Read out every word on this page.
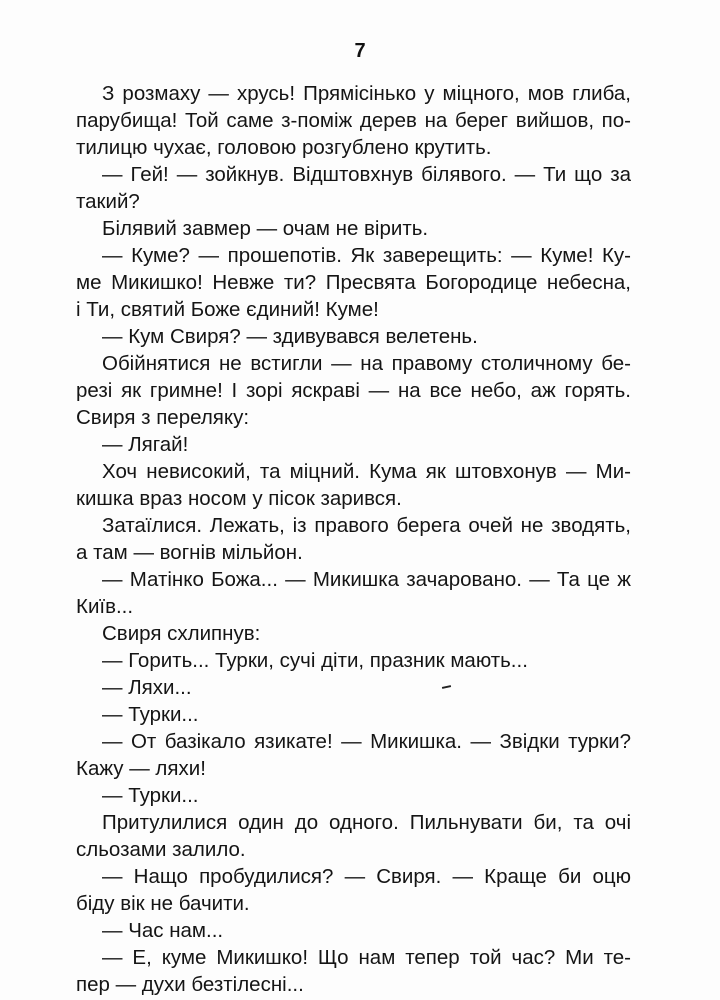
7
З розмаху — хрусь! Прямісінько у міцного, мов глиба,
парубища! Той саме з-поміж дерев на берег вийшов, по-
тилицю чухає, головою розгублено крутить.
— Гей! — зойкнув. Відштовхнув білявого. — Ти що за
такий?
Білявий завмер — очам не вірить.
— Куме? — прошепотів. Як заверещить: — Куме! Ку-
ме Микишко! Невже ти? Пресвята Богородице небесна,
і Ти, святий Боже єдиний! Куме!
— Кум Свиря? — здивувався велетень.
Обійнятися не встигли — на правому столичному бе-
резі як гримне! І зорі яскраві — на все небо, аж горять.
Свиря з переляку:
— Лягай!
Хоч невисокий, та міцний. Кума як штовхонув — Ми-
кишка враз носом у пісок зарився.
Затаїлися. Лежать, із правого берега очей не зводять,
а там — вогнів мільйон.
— Матінко Божа... — Микишка зачаровано. — Та це ж
Київ...
Свиря схлипнув:
— Горить... Турки, сучі діти, празник мають...
— Ляхи...
— Турки...
— От базікало язикате! — Микишка. — Звідки турки?
Кажу — ляхи!
— Турки...
Притулилися один до одного. Пильнувати би, та очі
сльозами залило.
— Нащо пробудилися? — Свиря. — Краще би оцю
біду вік не бачити.
— Час нам...
— Е, куме Микишко! Що нам тепер той час? Ми те-
пер — духи безтілесні...
